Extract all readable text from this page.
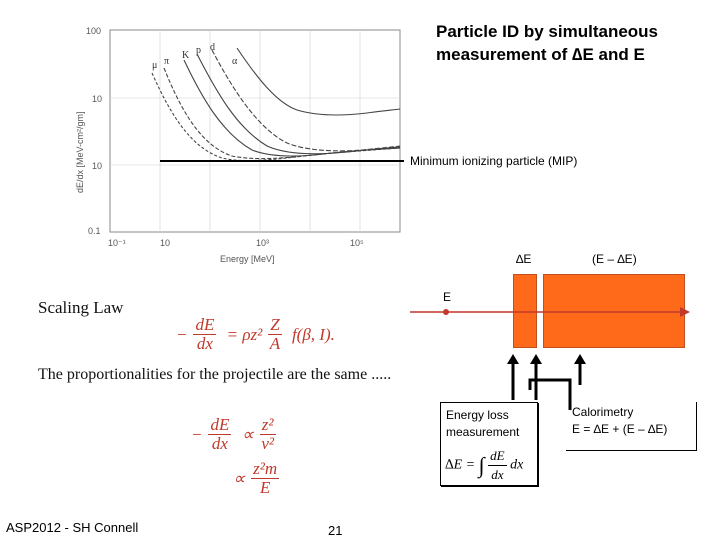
Particle ID by simultaneous
measurement of ∆E and E
μ π
K p d
α
100
10
10
0.1
10⁻¹	10	10³	10⁵
Energy [MeV]
dE/dx [MeV-cm²/gm]	Minimum ionizing particle (MIP)
∆E	(E – ∆E)
E
Energy loss
measurement
∆E = ∫ $\frac{dE}{dx}$ dx
Calorimetry
E = ∆E + (E – ∆E)
Scaling Law
− $\frac{dE}{dx} = \rho z^2 \frac{Z}{A} f(\beta$, I).
The proportionalities for the projectile are the same .....
− $\frac{dE}{dx} \propto \frac{\text{z²}}{\text{v²}}$
∝ $\frac{\text{z²m}}{E}$
ASP2012 - SH Connell	21
